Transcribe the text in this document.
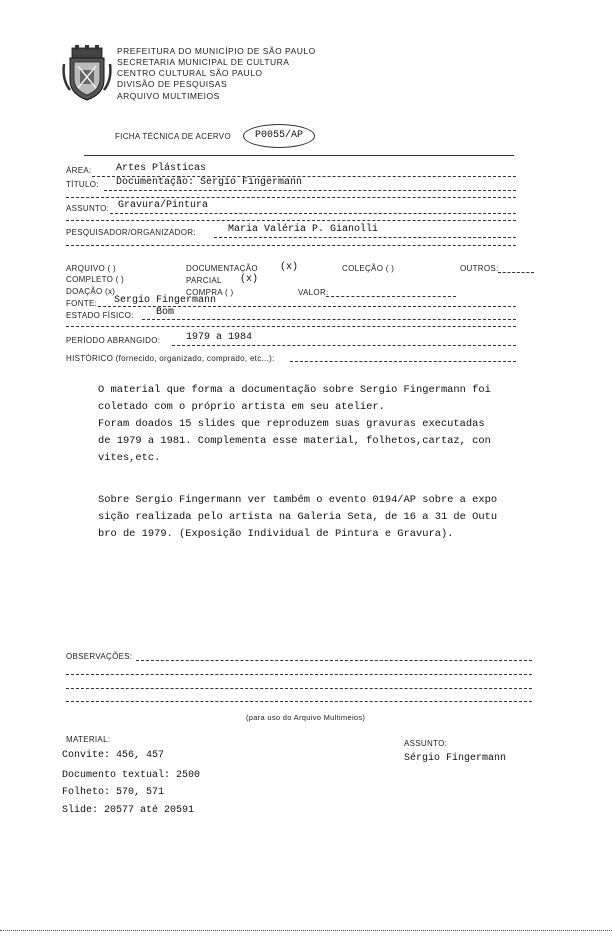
PREFEITURA DO MUNICÍPIO DE SÃO PAULO
SECRETARIA MUNICIPAL DE CULTURA
CENTRO CULTURAL SÃO PAULO
DIVISÃO DE PESQUISAS
ARQUIVO MULTIMEIOS
FICHA TÉCNICA DE ACERVO P0055/AP
ÁREA: Artes Plásticas
TÍTULO: Documentação: Sergio Fingermann
ASSUNTO: Gravura/Pintura
PESQUISADOR/ORGANIZADOR:	Maria Valéria P. Gianolli
ARQUIVO ( )	DOCUMENTAÇÃO (x)	COLEÇÃO ( )	OUTROS:
COMPLETO ( )	PARCIAL (x)
DOAÇÃO (x)	COMPRA ( )	VALOR:
FONTE: Sergio Fingermann
ESTADO FÍSICO: Bom
PERÍODO ABRANGIDO:	1979 a 1984
HISTÓRICO (fornecido, organizado, comprado, etc...):
O material que forma a documentação sobre Sergio Fingermann foi
coletado com o próprio artista em seu atelier.
Foram doados 15 slides que reproduzem suas gravuras executadas
de 1979 a 1981. Complementa esse material, folhetos,cartaz, con
vites,etc.
Sobre Sergio Fingermann ver também o evento 0194/AP sobre a expo
sição realizada pelo artista na Galeria Seta, de 16 a 31 de Outu
bro de 1979. (Exposição Individual de Pintura e Gravura).
OBSERVAÇÕES:
(para uso do Arquivo Multimeios)
MATERIAL:
Convite: 456, 457
Documento textual: 2500
Folheto: 570, 571
Slide: 20577 até 20591
ASSUNTO:
Sérgio Fingermann
